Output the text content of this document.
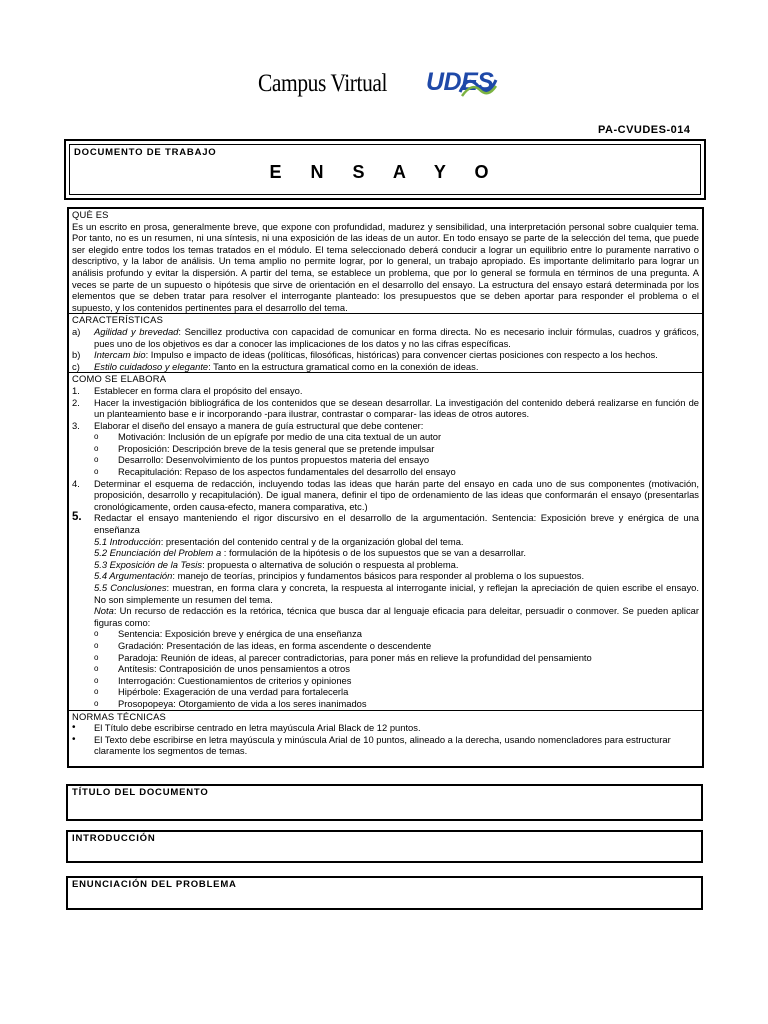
Campus Virtual UDES
PA-CVUDES-014
DOCUMENTO DE TRABAJO
E N S A Y O
QUÈ ES
Es un escrito en prosa, generalmente breve, que expone con profundidad, madurez y sensibilidad, una interpretación personal sobre cualquier tema. Por tanto, no es un resumen, ni una síntesis, ni una exposición de las ideas de un autor. En todo ensayo se parte de la selección del tema, que puede ser elegido entre todos los temas tratados en el módulo. El tema seleccionado deberá conducir a lograr un equilibrio entre lo puramente narrativo o descriptivo, y la labor de análisis. Un tema amplio no permite lograr, por lo general, un trabajo apropiado. Es importante delimitarlo para lograr un análisis profundo y evitar la dispersión. A partir del tema, se establece un problema, que por lo general se formula en términos de una pregunta. A veces se parte de un supuesto o hipótesis que sirve de orientación en el desarrollo del ensayo. La estructura del ensayo estará determinada por los elementos que se deben tratar para resolver el interrogante planteado: los presupuestos que se deben aportar para responder el problema o el supuesto, y los contenidos pertinentes para el desarrollo del tema.
CARACTERÍSTICAS
a)	Agilidad y brevedad: Sencillez productiva con capacidad de comunicar en forma directa. No es necesario incluir fórmulas, cuadros y gráficos, pues uno de los objetivos es dar a conocer las implicaciones de los datos y no las cifras específicas.
b)	Intercam bio: Impulso e impacto de ideas (políticas, filosóficas, históricas) para convencer ciertas posiciones con respecto a los hechos.
c)	Estilo cuidadoso y elegante: Tanto en la estructura gramatical como en la conexión de ideas.
COMO SE ELABORA
1.	Establecer en forma clara el propósito del ensayo.
2.	Hacer la investigación bibliográfica de los contenidos que se desean desarrollar. La investigación del contenido deberá realizarse en función de un planteamiento base e ir incorporando -para ilustrar, contrastar o comparar- las ideas de otros autores.
3.	Elaborar el diseño del ensayo a manera de guía estructural que debe contener:
o	Motivación: Inclusión de un epígrafe por medio de una cita textual de un autor
o	Proposición: Descripción breve de la tesis general que se pretende impulsar
o	Desarrollo: Desenvolvimiento de los puntos propuestos materia del ensayo
o	Recapitulación: Repaso de los aspectos fundamentales del desarrollo del ensayo
4.	Determinar el esquema de redacción, incluyendo todas las ideas que harán parte del ensayo en cada uno de sus componentes (motivación, proposición, desarrollo y recapitulación). De igual manera, definir el tipo de ordenamiento de las ideas que conformarán el ensayo (presentarlas cronológicamente, orden causa-efecto, manera comparativa, etc.)
5.	Redactar el ensayo manteniendo el rigor discursivo en el desarrollo de la argumentación. Sentencia: Exposición breve y enérgica de una enseñanza
5.1 Introducción: presentación del contenido central y de la organización global del tema.
5.2 Enunciación del Problem a : formulación de la hipótesis o de los supuestos que se van a desarrollar.
5.3 Exposición de la Tesis: propuesta o alternativa de solución o respuesta al problema.
5.4 Argumentación: manejo de teorías, principios y fundamentos básicos para responder al problema o los supuestos.
5.5 Conclusiones: muestran, en forma clara y concreta, la respuesta al interrogante inicial, y reflejan la apreciación de quien escribe el ensayo. No son simplemente un resumen del tema.
Nota: Un recurso de redacción es la retórica, técnica que busca dar al lenguaje eficacia para deleitar, persuadir o conmover. Se pueden aplicar figuras como:
o	Sentencia: Exposición breve y enérgica de una enseñanza
o	Gradación: Presentación de las ideas, en forma ascendente o descendente
o	Paradoja: Reunión de ideas, al parecer contradictorias, para poner más en relieve la profundidad del pensamiento
o	Antítesis: Contraposición de unos pensamientos a otros
o	Interrogación: Cuestionamientos de criterios y opiniones
o	Hipérbole: Exageración de una verdad para fortalecerla
o	Prosopopeya: Otorgamiento de vida a los seres inanimados
NORMAS TÉCNICAS
•	El Título debe escribirse centrado en letra mayúscula Arial Black de 12 puntos.
•	El Texto debe escribirse en letra mayúscula y minúscula Arial de 10 puntos, alineado a la derecha, usando nomencladores para estructurar claramente los segmentos de temas.
TÍTULO DEL DOCUMENTO
INTRODUCCIÓN
ENUNCIACIÓN DEL PROBLEMA
